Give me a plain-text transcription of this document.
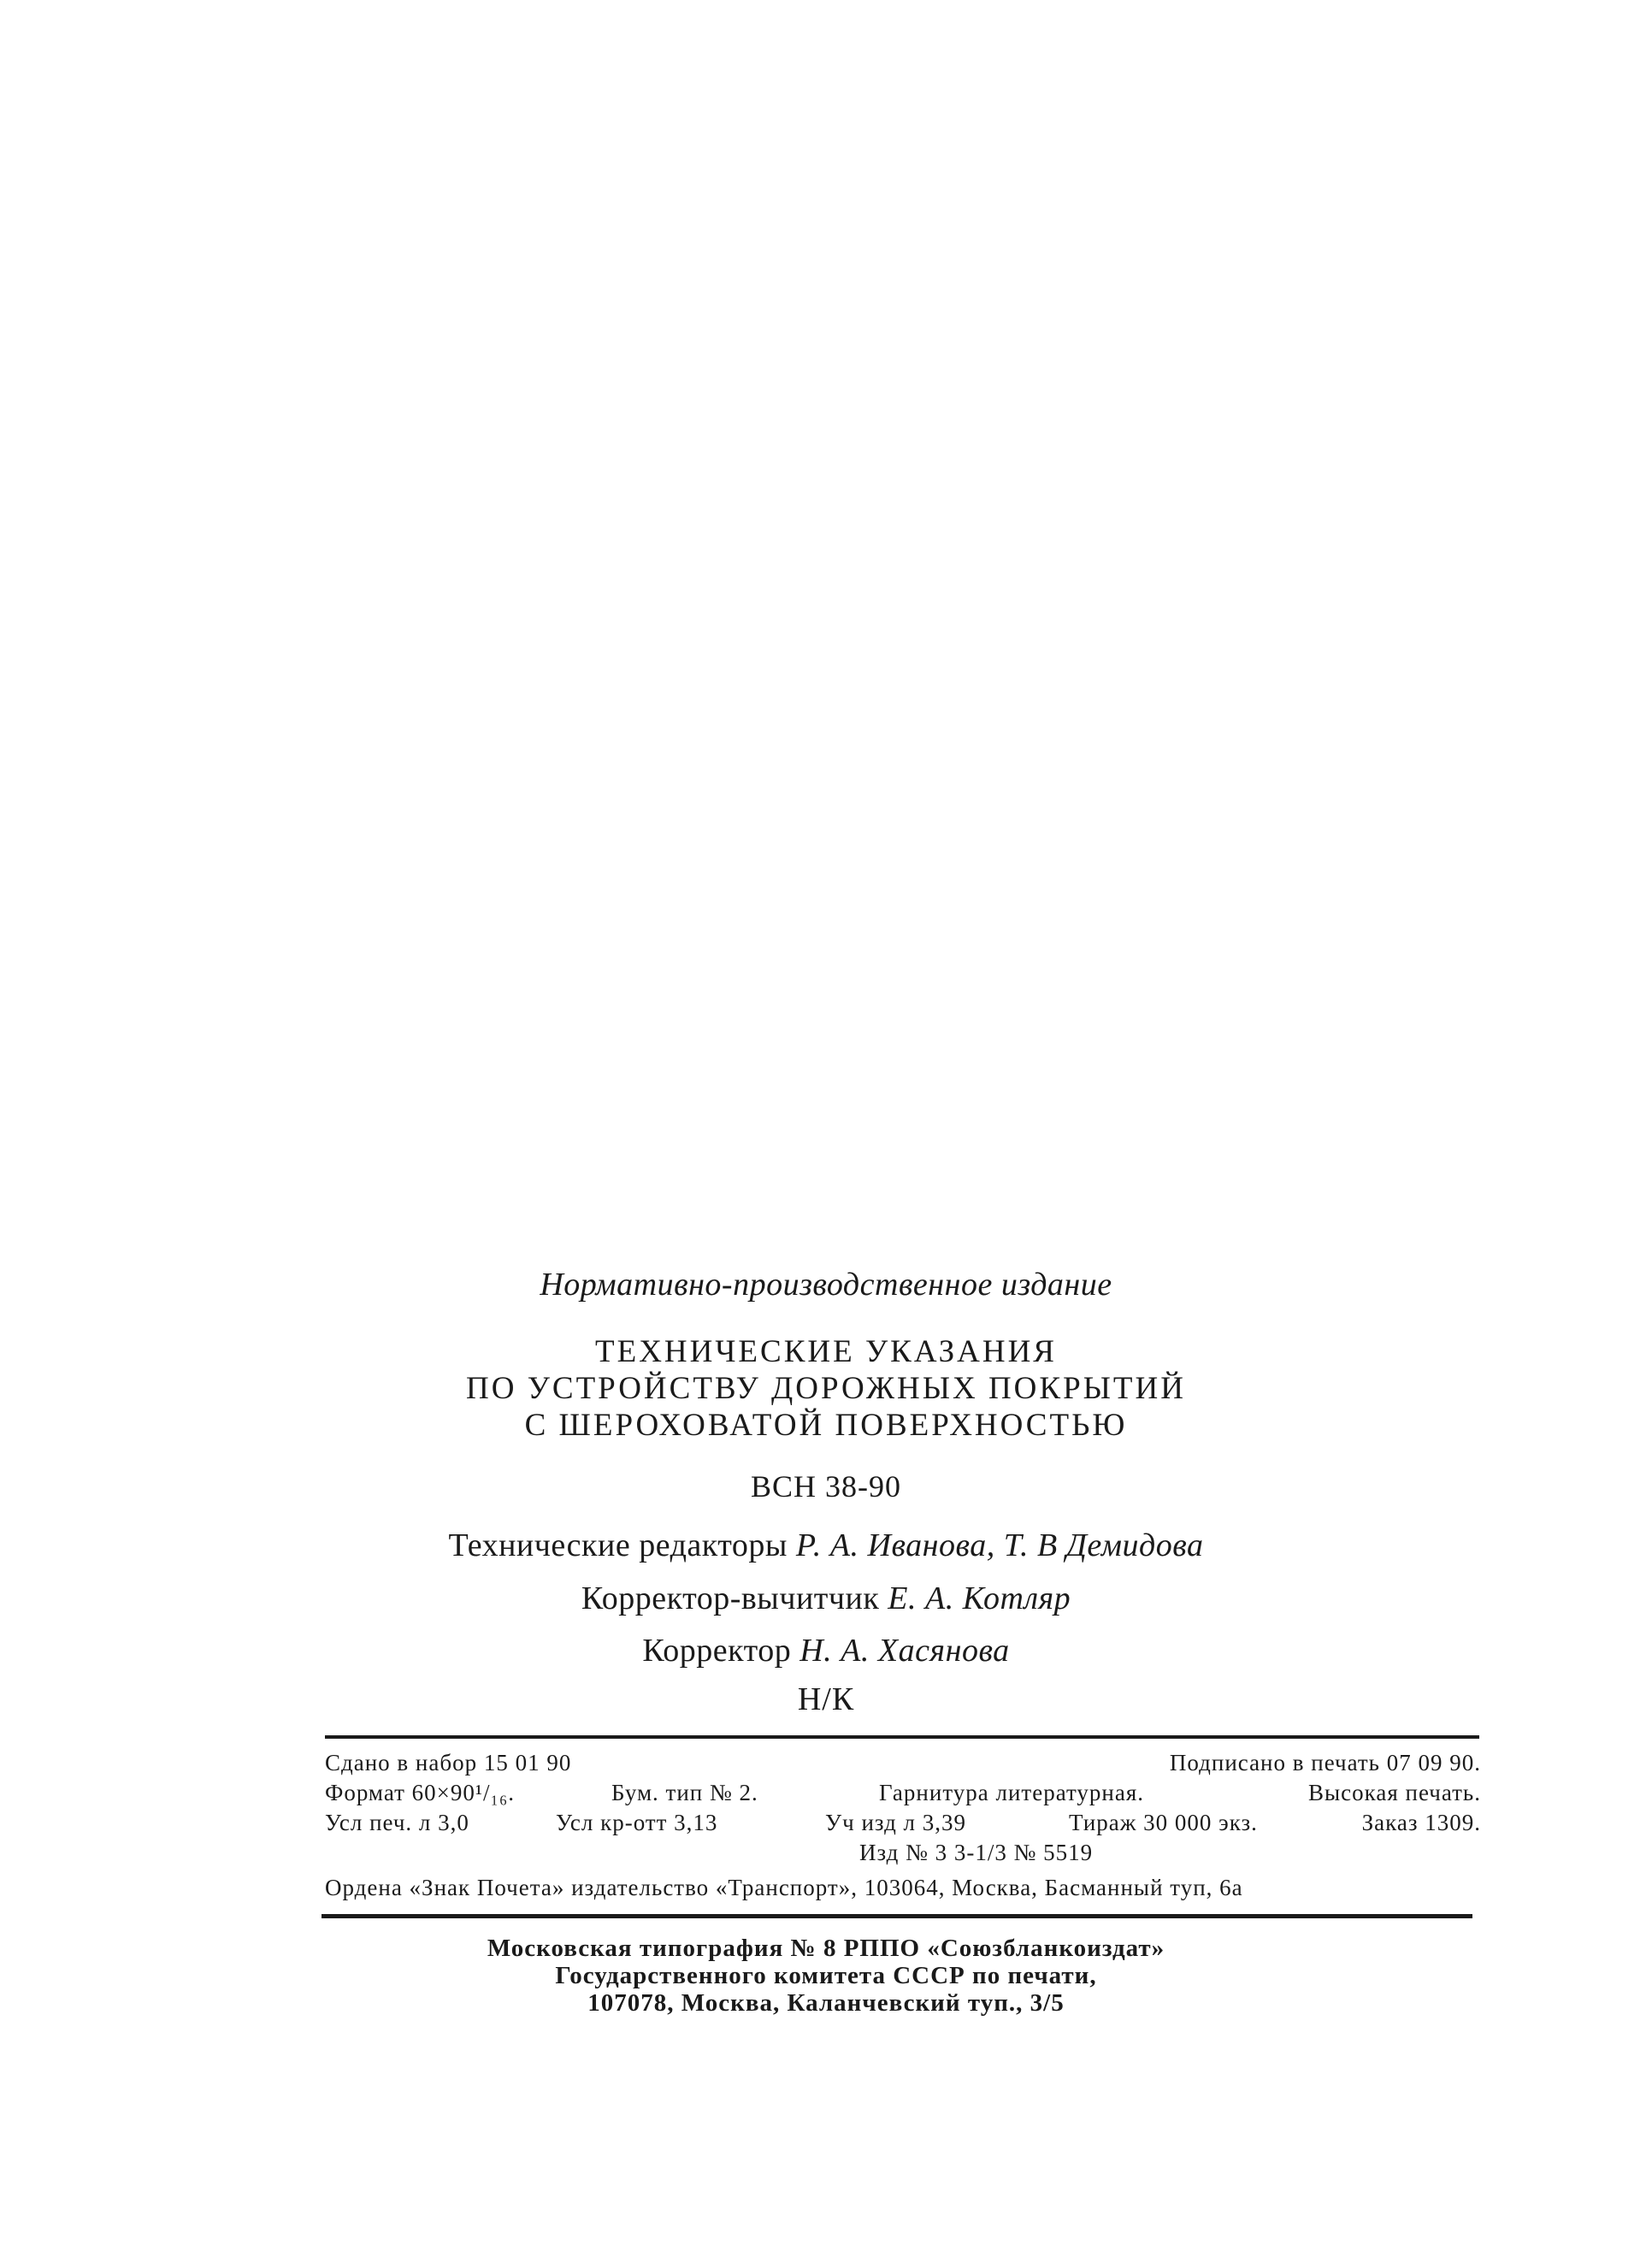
Нормативно-производственное издание
ТЕХНИЧЕСКИЕ УКАЗАНИЯ
ПО УСТРОЙСТВУ ДОРОЖНЫХ ПОКРЫТИЙ
С ШЕРОХОВАТОЙ ПОВЕРХНОСТЬЮ
ВСН 38-90
Технические редакторы Р. А. Иванова, Т. В Демидова
Корректор-вычитчик Е. А. Котляр
Корректор Н. А. Хасянова
Н/К
Сдано в набор 15 01 90	Подписано в печать 07 09 90.
Формат 60×90¹/₁₆.	Бум. тип № 2.	Гарнитура литературная.	Высокая печать.
Усл печ. л 3,0	Усл кр-отт 3,13	Уч изд л 3,39	Тираж 30 000 экз.	Заказ 1309.
Изд № 3 3-1/3 № 5519
Ордена «Знак Почета» издательство «Транспорт», 103064, Москва, Басманный туп, 6а
Московская типография № 8 РППО «Союзбланкоиздат»
Государственного комитета СССР по печати,
107078, Москва, Каланчевский туп., 3/5
